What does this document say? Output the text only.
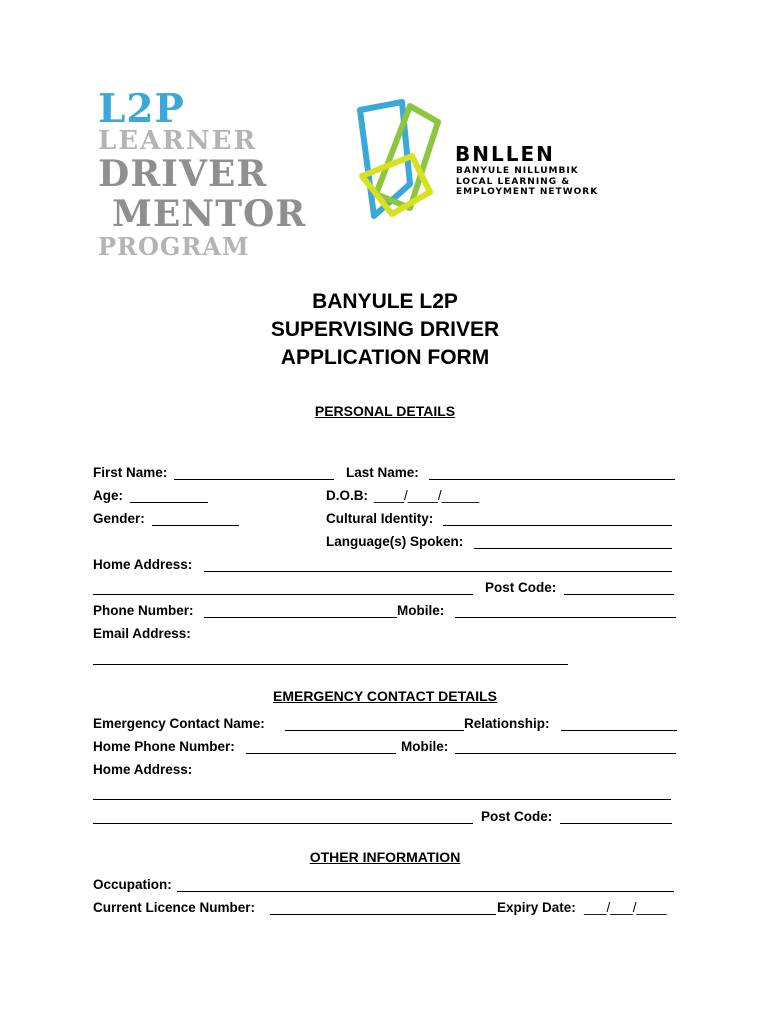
L2P
LEARNER
DRIVER
MENTOR
PROGRAM
BNLLEN
BANYULE NILLUMBIK
LOCAL LEARNING &
EMPLOYMENT NETWORK
BANYULE L2P
SUPERVISING DRIVER
APPLICATION FORM
PERSONAL DETAILS
First Name:	Last Name:
Age:	D.O.B: ____/____/_____
Gender:	Cultural Identity:
Language(s) Spoken:
Home Address:
Post Code:
Phone Number:	Mobile:
Email Address:
EMERGENCY CONTACT DETAILS
Emergency Contact Name:	Relationship:
Home Phone Number:	Mobile:
Home Address:
Post Code:
OTHER INFORMATION
Occupation:
Current Licence Number:	Expiry Date: ___/___/____
